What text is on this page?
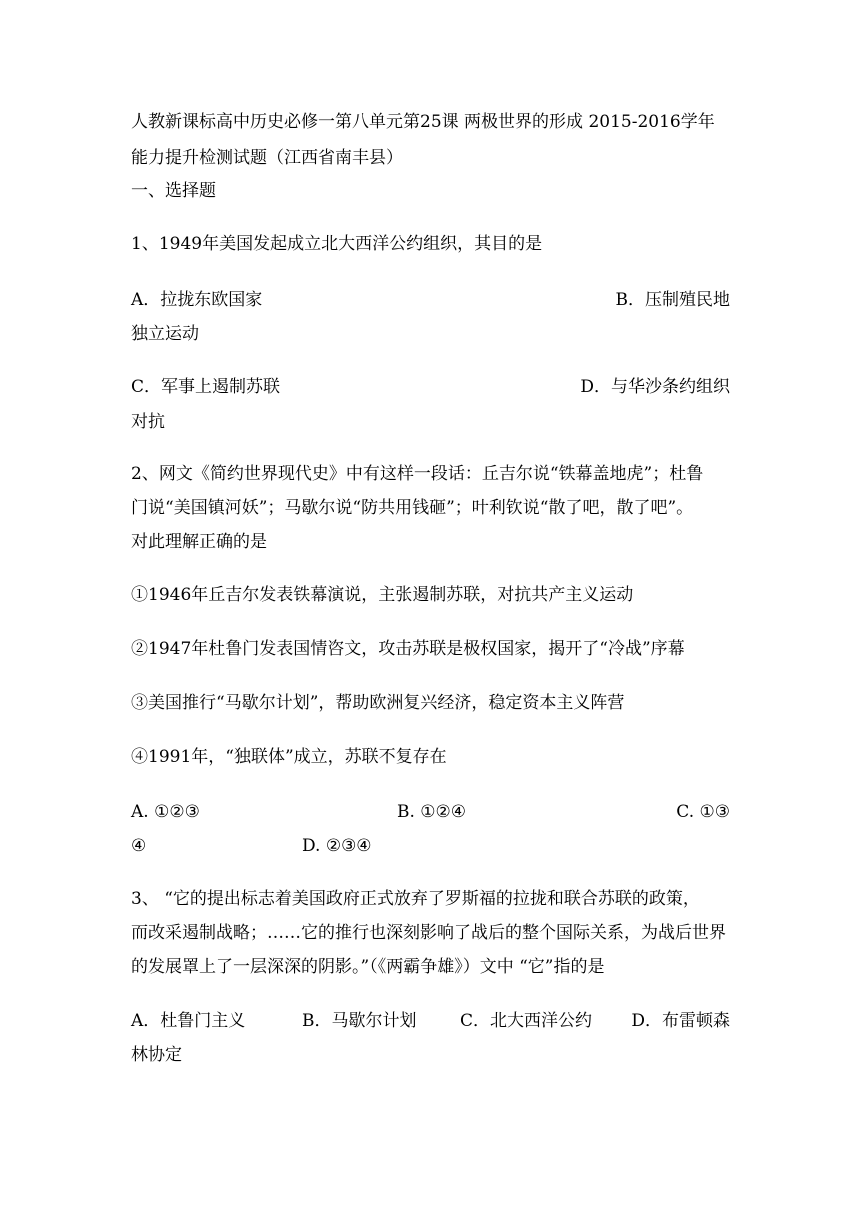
人教新课标高中历史必修一第八单元第25课 两极世界的形成 2015-2016学年

能力提升检测试题（江西省南丰县）

一、选择题

1、1949年美国发起成立北大西洋公约组织，其目的是

A．拉拢东欧国家	B．压制殖民地

独立运动

C．军事上遏制苏联	D．与华沙条约组织

对抗

2、网文《简约世界现代史》中有这样一段话：丘吉尔说“铁幕盖地虎”；杜鲁

门说“美国镇河妖”；马歇尔说“防共用钱砸”；叶利钦说“散了吧，散了吧”。

对此理解正确的是

①1946年丘吉尔发表铁幕演说，主张遏制苏联，对抗共产主义运动

②1947年杜鲁门发表国情咨文，攻击苏联是极权国家，揭开了“冷战”序幕

③美国推行“马歇尔计划”，帮助欧洲复兴经济，稳定资本主义阵营

④1991年，“独联体”成立，苏联不复存在

A. ①②③	B. ①②④	C. ①③

④	D. ②③④

3、 “它的提出标志着美国政府正式放弃了罗斯福的拉拢和联合苏联的政策，

而改采遏制战略；……它的推行也深刻影响了战后的整个国际关系，为战后世界

的发展罩上了一层深深的阴影。”（《两霸争雄》）文中 “它”指的是

A．杜鲁门主义	B．马歇尔计划	C．北大西洋公约 D．布雷顿森

林协定
